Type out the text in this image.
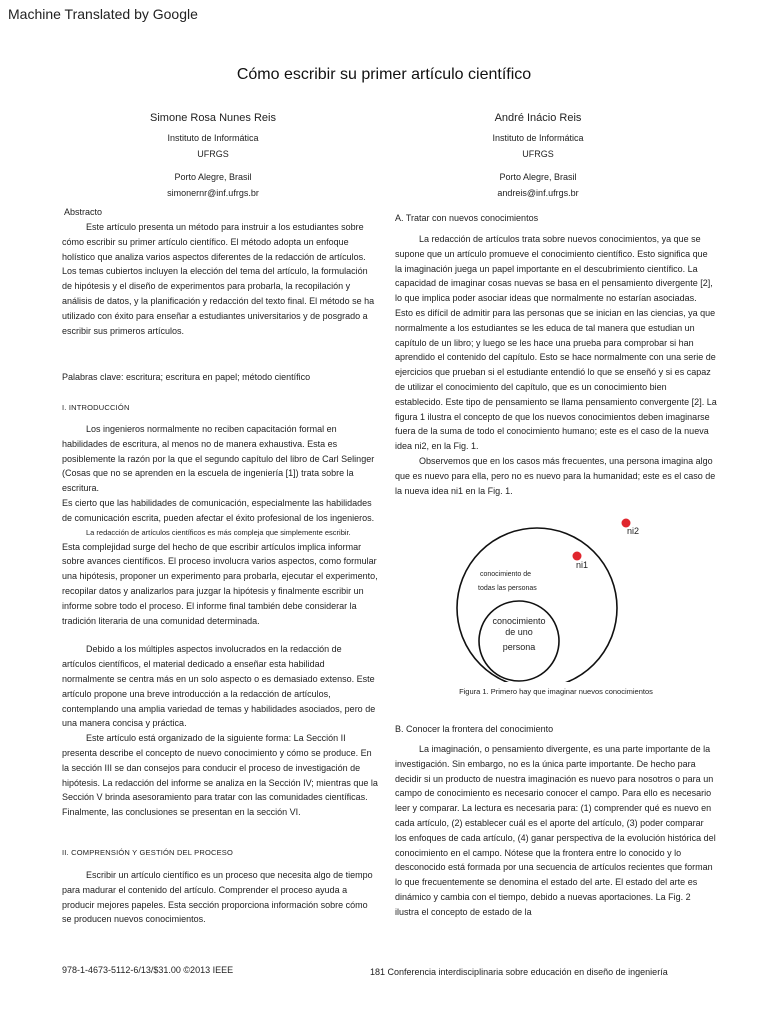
Machine Translated by Google
Cómo escribir su primer artículo científico
Simone Rosa Nunes Reis
Instituto de Informática
UFRGS
Porto Alegre, Brasil
simonernr@inf.ufrgs.br
André Inácio Reis
Instituto de Informática
UFRGS
Porto Alegre, Brasil
andreis@inf.ufrgs.br
Abstracto

Este artículo presenta un método para instruir a los estudiantes sobre cómo escribir su primer artículo científico. El método adopta un enfoque holístico que analiza varios aspectos diferentes de la redacción de artículos. Los temas cubiertos incluyen la elección del tema del artículo, la formulación de hipótesis y el diseño de experimentos para probarla, la recopilación y análisis de datos, y la planificación y redacción del texto final. El método se ha utilizado con éxito para enseñar a estudiantes universitarios y de posgrado a escribir sus primeros artículos.

Palabras clave: escritura; escritura en papel; método científico
I. INTRODUCCIÓN

Los ingenieros normalmente no reciben capacitación formal en habilidades de escritura, al menos no de manera exhaustiva. Esta es posiblemente la razón por la que el segundo capítulo del libro de Carl Selinger (Cosas que no se aprenden en la escuela de ingeniería [1]) trata sobre la escritura.

Es cierto que las habilidades de comunicación, especialmente las habilidades de comunicación escrita, pueden afectar el éxito profesional de los ingenieros.

La redacción de artículos científicos es más compleja que simplemente escribir.

Esta complejidad surge del hecho de que escribir artículos implica informar sobre avances científicos. El proceso involucra varios aspectos, como formular una hipótesis, proponer un experimento para probarla, ejecutar el experimento, recopilar datos y analizarlos para juzgar la hipótesis y finalmente escribir un informe sobre todo el proceso. El informe final también debe considerar la tradición literaria de una comunidad determinada.

Debido a los múltiples aspectos involucrados en la redacción de artículos científicos, el material dedicado a enseñar esta habilidad normalmente se centra más en un solo aspecto o es demasiado extenso. Este artículo propone una breve introducción a la redacción de artículos, contemplando una amplia variedad de temas y habilidades asociados, pero de una manera concisa y práctica.

Este artículo está organizado de la siguiente forma: La Sección II presenta describe el concepto de nuevo conocimiento y cómo se produce. En la sección III se dan consejos para conducir el proceso de investigación de hipótesis. La redacción del informe se analiza en la Sección IV; mientras que la Sección V brinda asesoramiento para tratar con las comunidades científicas. Finalmente, las conclusiones se presentan en la sección VI.

II. COMPRENSIÓN Y GESTIÓN DEL PROCESO

Escribir un artículo científico es un proceso que necesita algo de tiempo para madurar el contenido del artículo. Comprender el proceso ayuda a producir mejores papeles. Esta sección proporciona información sobre cómo se producen nuevos conocimientos.

A. Tratar con nuevos conocimientos

La redacción de artículos trata sobre nuevos conocimientos, ya que se supone que un artículo promueve el conocimiento científico. Esto significa que la imaginación juega un papel importante en el descubrimiento científico. La capacidad de imaginar cosas nuevas se basa en el pensamiento divergente [2], lo que implica poder asociar ideas que normalmente no estarían asociadas. Esto es difícil de admitir para las personas que se inician en las ciencias, ya que normalmente a los estudiantes se les educa de tal manera que estudian un capítulo de un libro; y luego se les hace una prueba para comprobar si han aprendido el contenido del capítulo. Esto se hace normalmente con una serie de ejercicios que prueban si el estudiante entendió lo que se enseñó y si es capaz de utilizar el conocimiento del capítulo, que es un conocimiento bien establecido. Este tipo de pensamiento se llama pensamiento convergente [2]. La figura 1 ilustra el concepto de que los nuevos conocimientos deben imaginarse fuera de la suma de todo el conocimiento humano; este es el caso de la nueva idea ni2, en la Fig. 1.

Observemos que en los casos más frecuentes, una persona imagina algo que es nuevo para ella, pero no es nuevo para la humanidad; este es el caso de la nueva idea ni1 en la Fig. 1.

conocimiento de
todas las personas
conocimiento
de uno
persona
ni1
ni2
Figura 1. Primero hay que imaginar nuevos conocimientos
B. Conocer la frontera del conocimiento

La imaginación, o pensamiento divergente, es una parte importante de la investigación. Sin embargo, no es la única parte importante. De hecho para decidir si un producto de nuestra imaginación es nuevo para nosotros o para un campo de conocimiento es necesario conocer el campo. Para ello es necesario leer y comparar. La lectura es necesaria para: (1) comprender qué es nuevo en cada artículo, (2) establecer cuál es el aporte del artículo, (3) poder comparar los enfoques de cada artículo, (4) ganar perspectiva de la evolución histórica del conocimiento en el campo. Nótese que la frontera entre lo conocido y lo desconocido está formada por una secuencia de artículos recientes que forman lo que frecuentemente se denomina el estado del arte. El estado del arte es dinámico y cambia con el tiempo, debido a nuevas aportaciones. La Fig. 2 ilustra el concepto de estado de la

978-1-4673-5112-6/13/$31.00 ©2013 IEEE	181 Conferencia interdisciplinaria sobre educación en diseño de ingeniería
